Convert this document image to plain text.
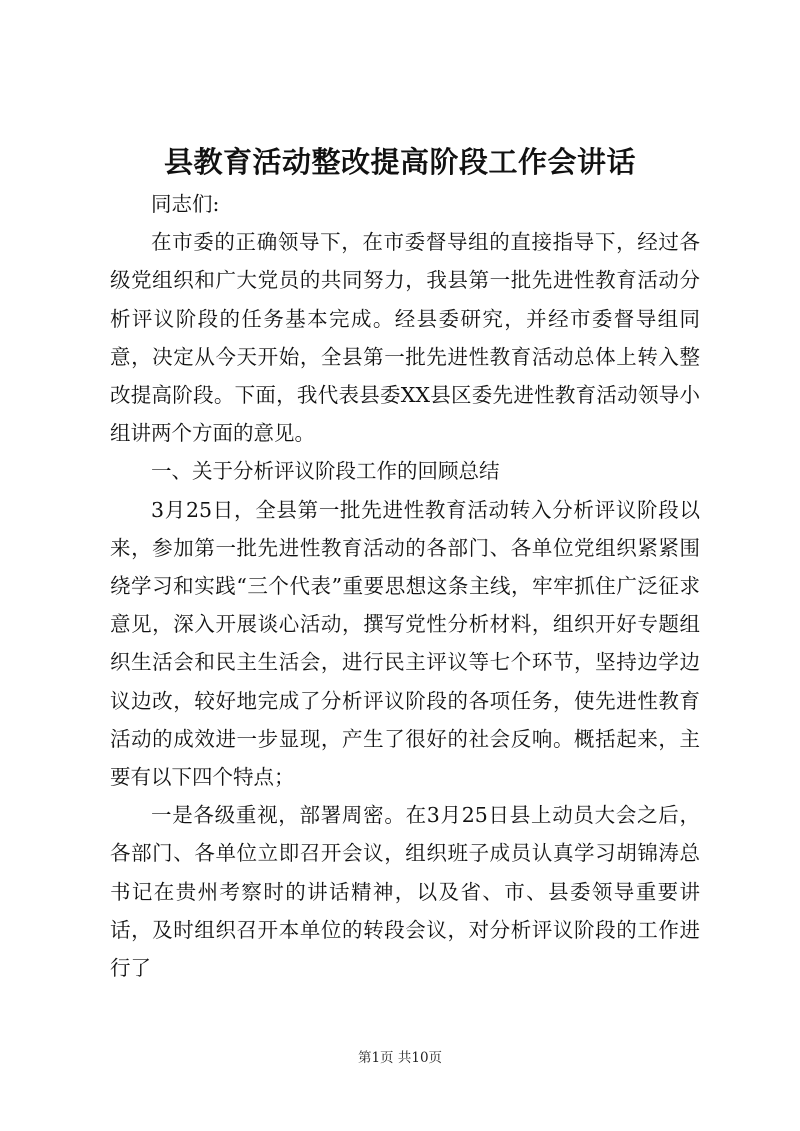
县教育活动整改提高阶段工作会讲话

同志们:

在市委的正确领导下，在市委督导组的直接指导下，经过各级党组织和广大党员的共同努力，我县第一批先进性教育活动分析评议阶段的任务基本完成。经县委研究，并经市委督导组同意，决定从今天开始，全县第一批先进性教育活动总体上转入整改提高阶段。下面，我代表县委XX县区委先进性教育活动领导小组讲两个方面的意见。

一、关于分析评议阶段工作的回顾总结

3月25日，全县第一批先进性教育活动转入分析评议阶段以来，参加第一批先进性教育活动的各部门、各单位党组织紧紧围绕学习和实践“三个代表”重要思想这条主线，牢牢抓住广泛征求意见，深入开展谈心活动，撰写党性分析材料，组织开好专题组织生活会和民主生活会，进行民主评议等七个环节，坚持边学边议边改，较好地完成了分析评议阶段的各项任务，使先进性教育活动的成效进一步显现，产生了很好的社会反响。概括起来，主要有以下四个特点；

一是各级重视，部署周密。在3月25日县上动员大会之后，各部门、各单位立即召开会议，组织班子成员认真学习胡锦涛总书记在贵州考察时的讲话精神，以及省、市、县委领导重要讲话，及时组织召开本单位的转段会议，对分析评议阶段的工作进行了

第1页 共10页
